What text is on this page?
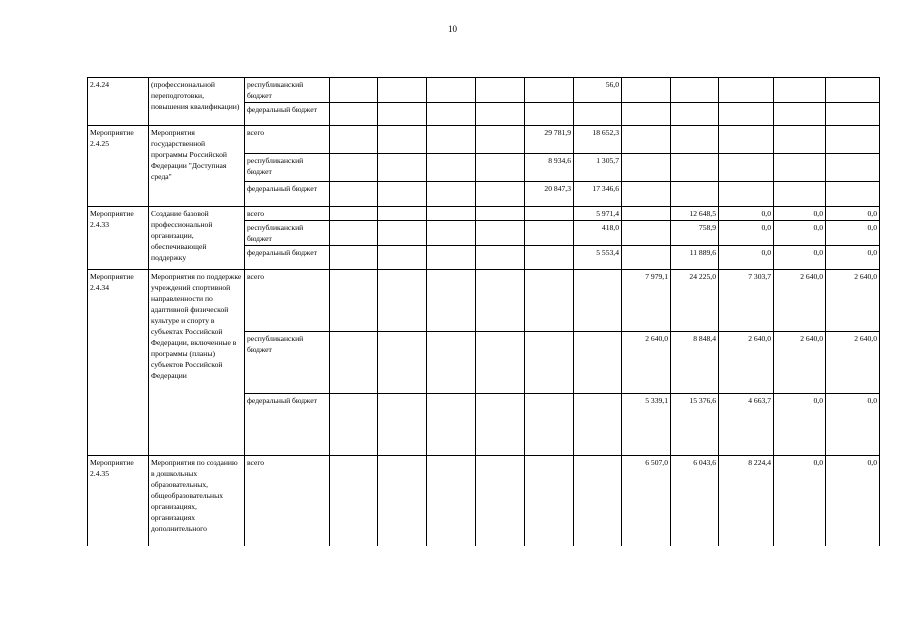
10
2.4.24	(профессиональной переподготовки, повышения квалификации)	республиканский бюджет						56,0					
		федеральный бюджет											
Мероприятие 2.4.25	Мероприятия государственной программы Российской Федерации "Доступная среда"	всего					29 781,9	18 652,3					
		республиканский бюджет					8 934,6	1 305,7					
		федеральный бюджет					20 847,3	17 346,6					
Мероприятие 2.4.33	Создание базовой профессиональной организации, обеспечивающей поддержку	всего						5 971,4		12 648,5	0,0	0,0	0,0
		республиканский бюджет						418,0		758,9	0,0	0,0	0,0
		федеральный бюджет						5 553,4		11 889,6	0,0	0,0	0,0
Мероприятие 2.4.34	Мероприятия по поддержке учреждений спортивной направленности по адаптивной физической культуре и спорту в субъектах Российской Федерации, включенные в программы (планы) субъектов Российской Федерации	всего							7 979,1	24 225,0	7 303,7	2 640,0	2 640,0
		республиканский бюджет							2 640,0	8 848,4	2 640,0	2 640,0	2 640,0
		федеральный бюджет							5 339,1	15 376,6	4 663,7	0,0	0,0
Мероприятие 2.4.35	Мероприятия по созданию в дошкольных образовательных, общеобразовательных организациях, организациях дополнительного	всего							6 507,0	6 043,6	8 224,4	0,0	0,0
